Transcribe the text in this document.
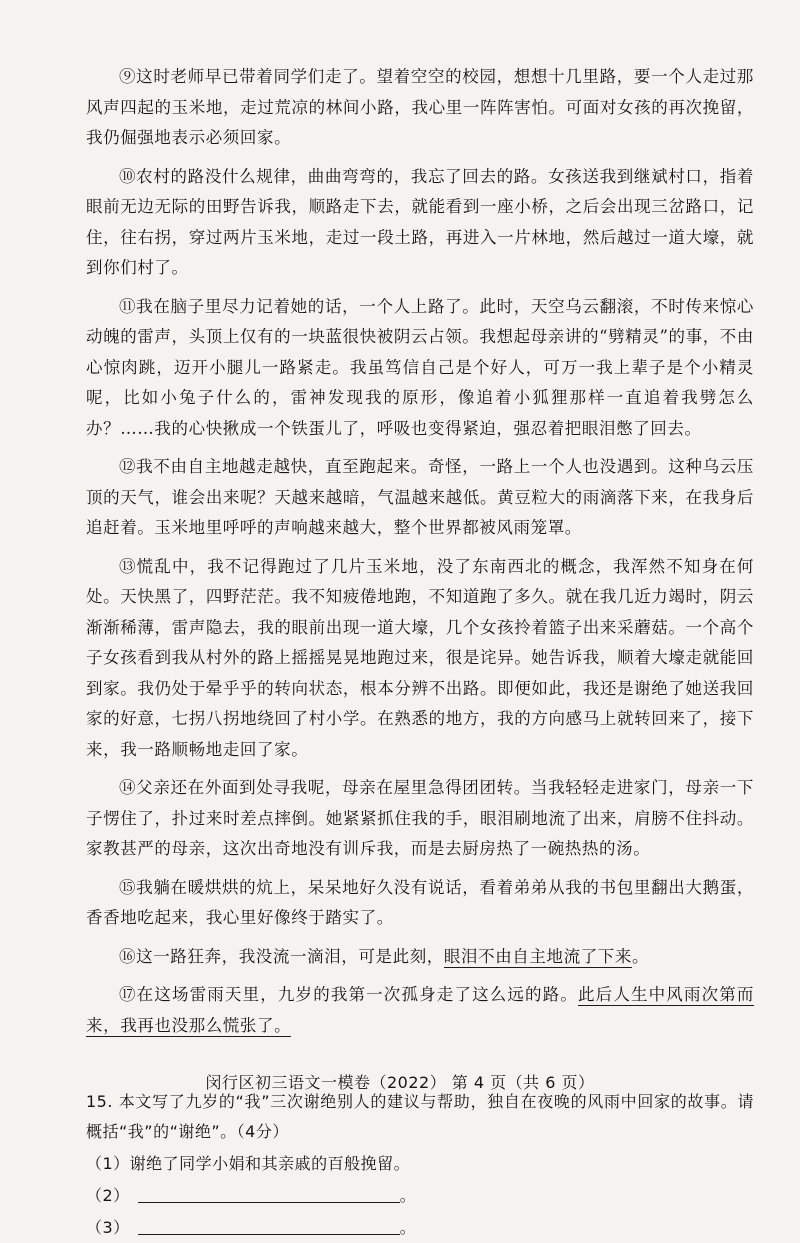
⑨这时老师早已带着同学们走了。望着空空的校园，想想十几里路，要一个人走过那风声四起的玉米地，走过荒凉的林间小路，我心里一阵阵害怕。可面对女孩的再次挽留，我仍倔强地表示必须回家。

⑩农村的路没什么规律，曲曲弯弯的，我忘了回去的路。女孩送我到继斌村口，指着眼前无边无际的田野告诉我，顺路走下去，就能看到一座小桥，之后会出现三岔路口，记住，往右拐，穿过两片玉米地，走过一段土路，再进入一片林地，然后越过一道大壕，就到你们村了。

⑪我在脑子里尽力记着她的话，一个人上路了。此时，天空乌云翻滚，不时传来惊心动魄的雷声，头顶上仅有的一块蓝很快被阴云占领。我想起母亲讲的“劈精灵”的事，不由心惊肉跳，迈开小腿儿一路紧走。我虽笃信自己是个好人，可万一我上辈子是个小精灵呢，比如小兔子什么的，雷神发现我的原形，像追着小狐狸那样一直追着我劈怎么办？……我的心快揪成一个铁蛋儿了，呼吸也变得紧迫，强忍着把眼泪憋了回去。

⑫我不由自主地越走越快，直至跑起来。奇怪，一路上一个人也没遇到。这种乌云压顶的天气，谁会出来呢？天越来越暗，气温越来越低。黄豆粒大的雨滴落下来，在我身后追赶着。玉米地里呼呼的声响越来越大，整个世界都被风雨笼罩。

⑬慌乱中，我不记得跑过了几片玉米地，没了东南西北的概念，我浑然不知身在何处。天快黑了，四野茫茫。我不知疲倦地跑，不知道跑了多久。就在我几近力竭时，阴云渐渐稀薄，雷声隐去，我的眼前出现一道大壕，几个女孩拎着篮子出来采蘑菇。一个高个子女孩看到我从村外的路上摇摇晃晃地跑过来，很是诧异。她告诉我，顺着大壕走就能回到家。我仍处于晕乎乎的转向状态，根本分辨不出路。即便如此，我还是谢绝了她送我回家的好意，七拐八拐地绕回了村小学。在熟悉的地方，我的方向感马上就转回来了，接下来，我一路顺畅地走回了家。

⑭父亲还在外面到处寻我呢，母亲在屋里急得团团转。当我轻轻走进家门，母亲一下子愣住了，扑过来时差点摔倒。她紧紧抓住我的手，眼泪刷地流了出来，肩膀不住抖动。家教甚严的母亲，这次出奇地没有训斥我，而是去厨房热了一碗热热的汤。

⑮我躺在暖烘烘的炕上，呆呆地好久没有说话，看着弟弟从我的书包里翻出大鹅蛋，香香地吃起来，我心里好像终于踏实了。

⑯这一路狂奔，我没流一滴泪，可是此刻，眼泪不由自主地流了下来。

⑰在这场雷雨天里，九岁的我第一次孤身走了这么远的路。此后人生中风雨次第而来，我再也没那么慌张了。

15. 本文写了九岁的“我”三次谢绝别人的建议与帮助，独自在夜晚的风雨中回家的故事。请概括“我”的“谢绝”。（4分）

（1）谢绝了同学小娟和其亲戚的百般挽留。

（2）	。

（3）	。

闵行区初三语文一模卷（2022） 第 4 页（共 6 页）
